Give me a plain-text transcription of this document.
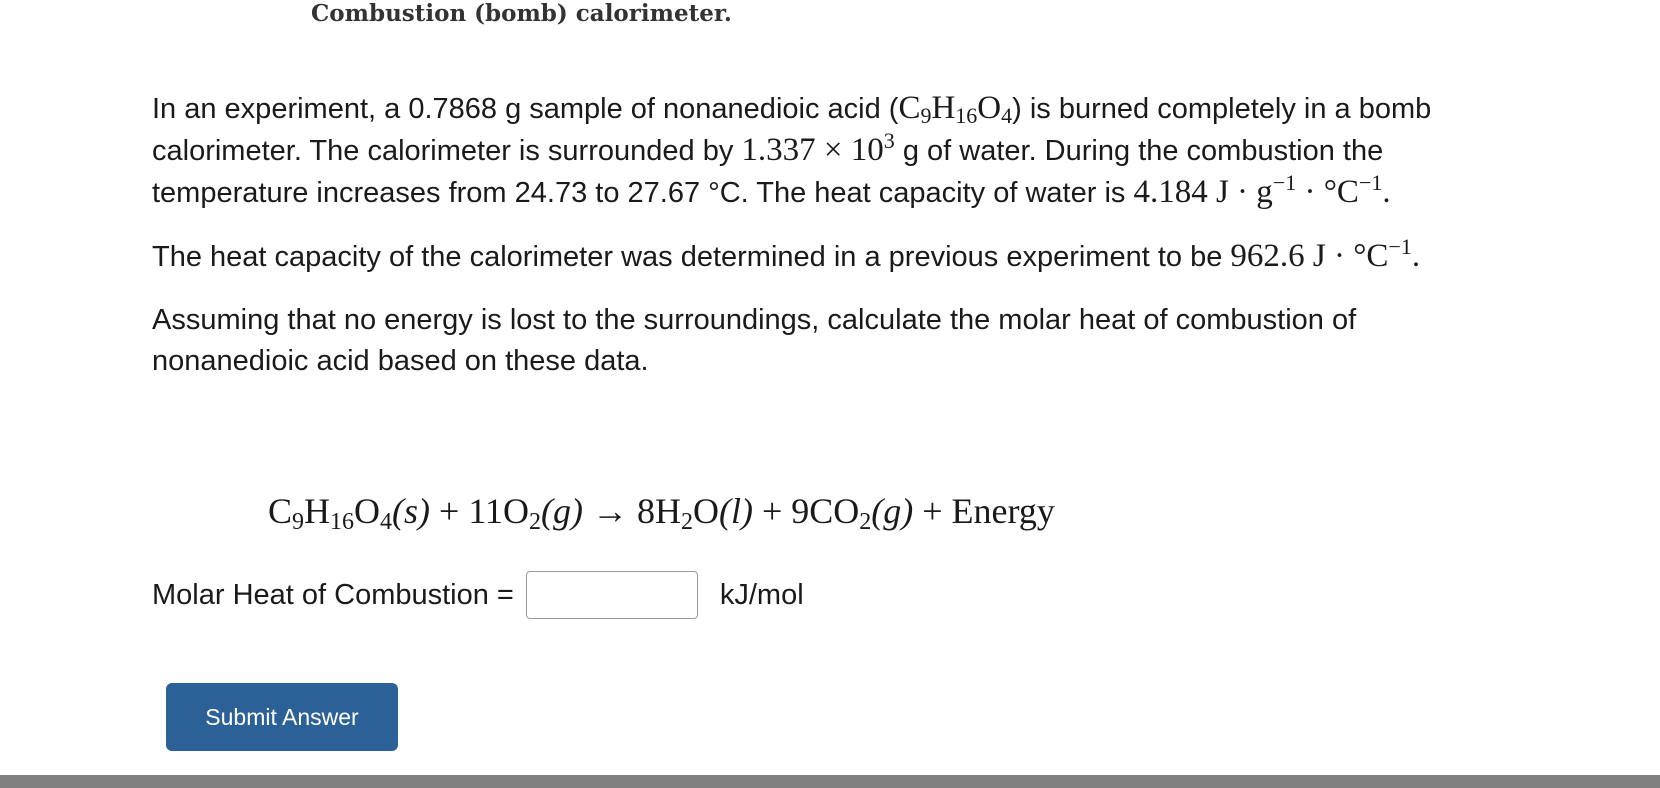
Combustion (bomb) calorimeter.

In an experiment, a 0.7868 g sample of nonanedioic acid $(C_9H_{16}O_4)$ is burned completely in a bomb calorimeter. The calorimeter is surrounded by $1.337 \times 10^3$ g of water. During the combustion the temperature increases from 24.73 to 27.67 °C. The heat capacity of water is 4.184 $J \cdot g^{-1} \cdot ^\circ C^{-1}$.

The heat capacity of the calorimeter was determined in a previous experiment to be 962.6 $J \cdot ^\circ C^{-1}$.

Assuming that no energy is lost to the surroundings, calculate the molar heat of combustion of nonanedioic acid based on these data.

$C_9H_{16}O_4(s) + 11O_2(g) \to 8H_2O(l) + 9CO_2(g)$ + Energy
Molar Heat of Combustion =	kJ/mol
Submit Answer
